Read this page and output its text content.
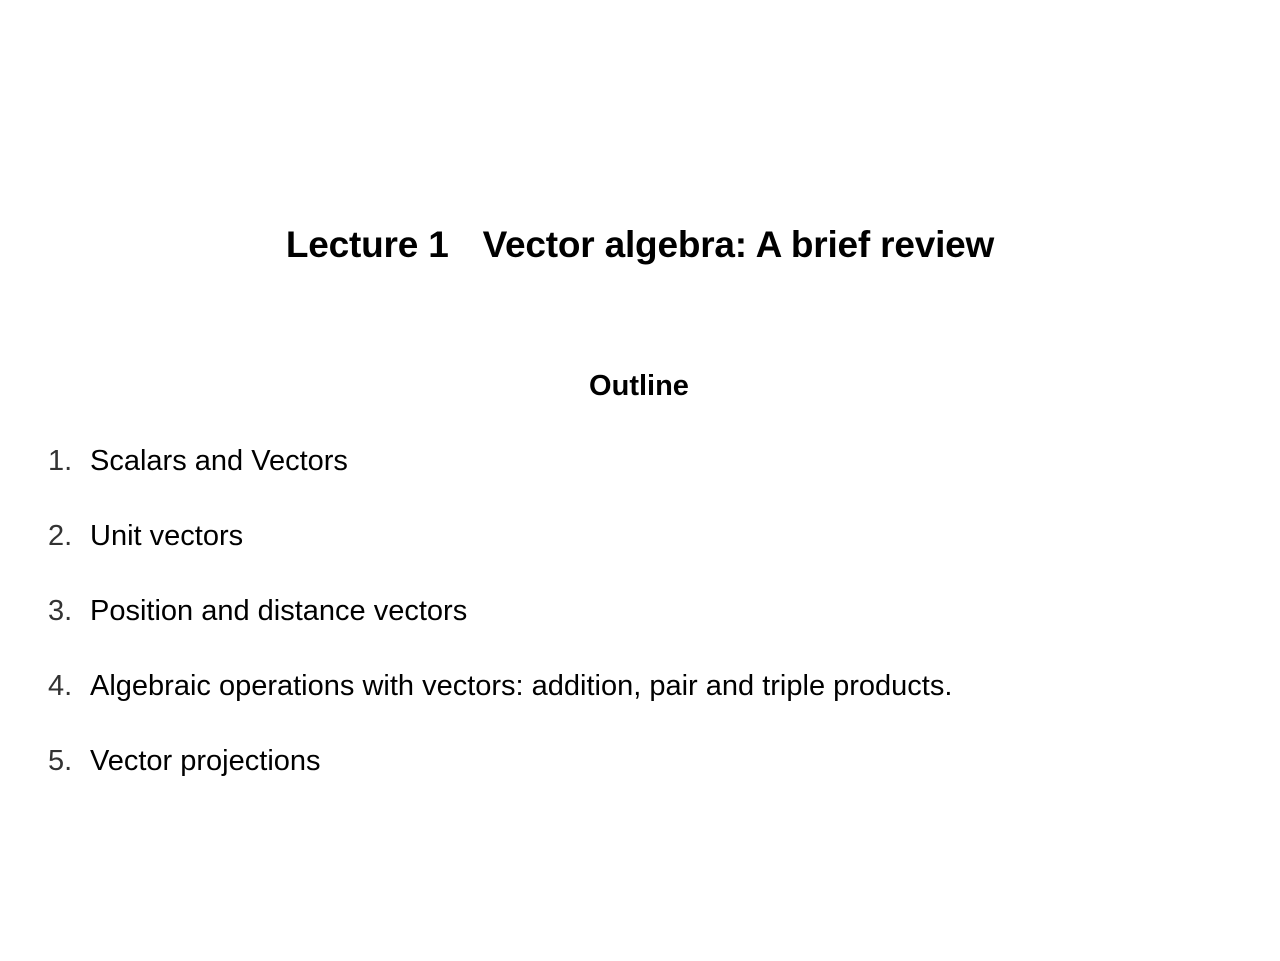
Lecture 1 Vector algebra: A brief review
Outline
1. Scalars and Vectors
2. Unit vectors
3. Position and distance vectors
4. Algebraic operations with vectors: addition, pair and triple products.
5. Vector projections
